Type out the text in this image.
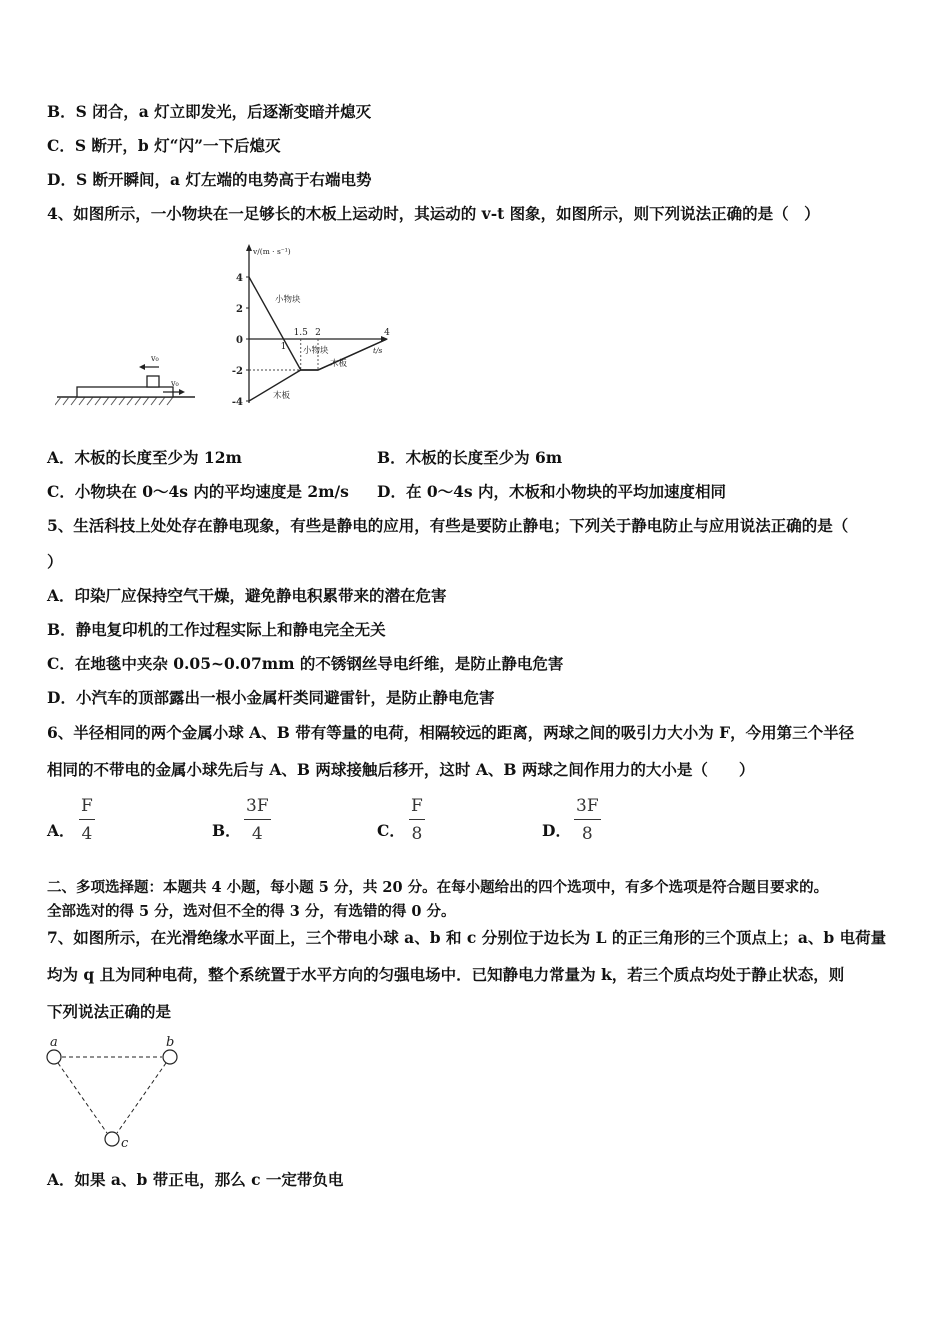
B．S 闭合，a 灯立即发光，后逐渐变暗并熄灭
C．S 断开，b 灯“闪”一下后熄灭
D．S 断开瞬间，a 灯左端的电势高于右端电势
4、如图所示，一小物块在一足够长的木板上运动时，其运动的 v-t 图象，如图所示，则下列说法正确的是（　）
v₀
v₀
v/(m · s⁻¹)
t/s
4
2
0
-2
-4
1
1.5 2	4
小物块
小物块
木板
木板
A．木板的长度至少为 12m	B．木板的长度至少为 6m
C．小物块在 0～4s 内的平均速度是 2m/s D．在 0～4s 内，木板和小物块的平均加速度相同
5、生活科技上处处存在静电现象，有些是静电的应用，有些是要防止静电；下列关于静电防止与应用说法正确的是（
）
A．印染厂应保持空气干燥，避免静电积累带来的潜在危害
B．静电复印机的工作过程实际上和静电完全无关
C．在地毯中夹杂 0.05~0.07mm 的不锈钢丝导电纤维，是防止静电危害
D．小汽车的顶部露出一根小金属杆类同避雷针，是防止静电危害
6、半径相同的两个金属小球 A、B 带有等量的电荷，相隔较远的距离，两球之间的吸引力大小为 F，今用第三个半径
相同的不带电的金属小球先后与 A、B 两球接触后移开，这时 A、B 两球之间作用力的大小是（　　）
A．
F
4	B．
3F
4	C．
F
8	D．
3F
8
二、多项选择题：本题共 4 小题，每小题 5 分，共 20 分。在每小题给出的四个选项中，有多个选项是符合题目要求的。
全部选对的得 5 分，选对但不全的得 3 分，有选错的得 0 分。
7、如图所示，在光滑绝缘水平面上，三个带电小球 a、b 和 c 分别位于边长为 L 的正三角形的三个顶点上；a、b 电荷量
均为 q 且为同种电荷，整个系统置于水平方向的匀强电场中．已知静电力常量为 k，若三个质点均处于静止状态，则
下列说法正确的是
a	b
c
A．如果 a、b 带正电，那么 c 一定带负电
